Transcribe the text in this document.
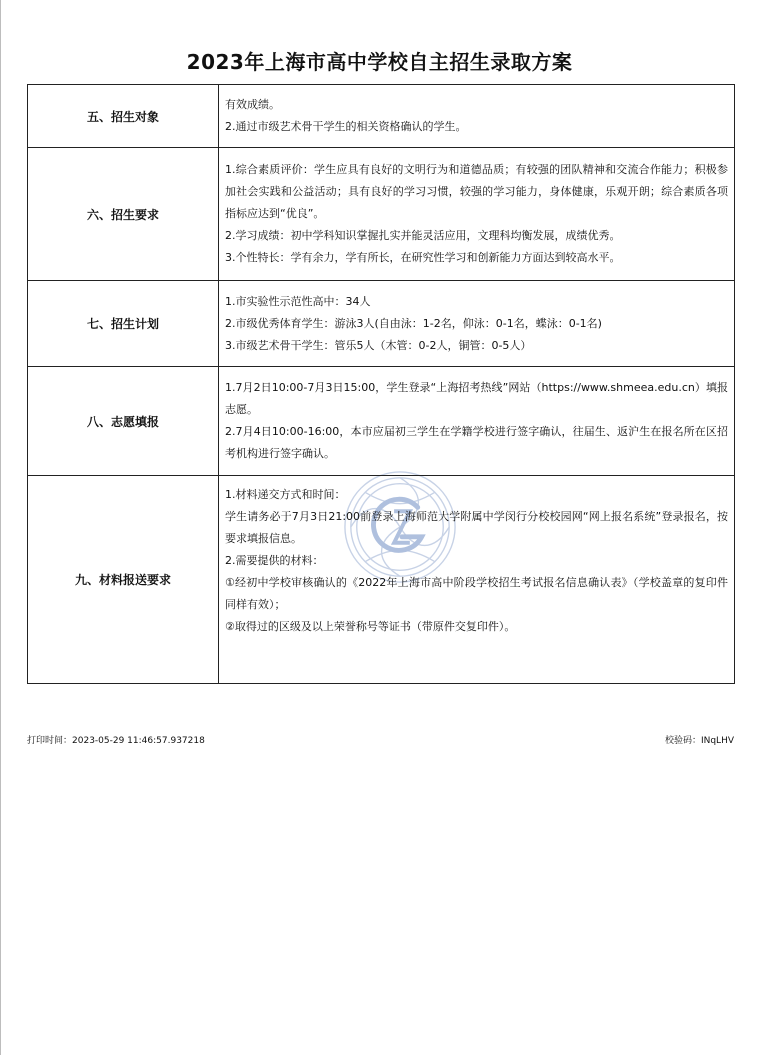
2023年上海市高中学校自主招生录取方案
五、招生对象	有效成绩。
2.通过市级艺术骨干学生的相关资格确认的学生。

六、招生要求	1.综合素质评价：学生应具有良好的文明行为和道德品质；有较强的团队精神和交流合作能力；积极参加社会实践和公益活动；具有良好的学习习惯，较强的学习能力，身体健康，乐观开朗；综合素质各项指标应达到“优良”。
2.学习成绩：初中学科知识掌握扎实并能灵活应用，文理科均衡发展，成绩优秀。
3.个性特长：学有余力，学有所长，在研究性学习和创新能力方面达到较高水平。

七、招生计划	1.市实验性示范性高中：34人
2.市级优秀体育学生：游泳3人(自由泳：1-2名，仰泳：0-1名，蝶泳：0-1名)
3.市级艺术骨干学生：管乐5人（木管：0-2人，铜管：0-5人）

八、志愿填报	1.7月2日10:00-7月3日15:00，学生登录“上海招考热线”网站（https://www.shmeea.edu.cn）填报志愿。
2.7月4日10:00-16:00，本市应届初三学生在学籍学校进行签字确认，往届生、返沪生在报名所在区招考机构进行签字确认。

九、材料报送要求	1.材料递交方式和时间：
学生请务必于7月3日21:00前登录上海师范大学附属中学闵行分校校园网“网上报名系统”登录报名，按要求填报信息。
2.需要提供的材料：
①经初中学校审核确认的《2022年上海市高中阶段学校招生考试报名信息确认表》（学校盖章的复印件同样有效）；
②取得过的区级及以上荣誉称号等证书（带原件交复印件）。
打印时间：2023-05-29 11:46:57.937218	校验码：INqLHV
